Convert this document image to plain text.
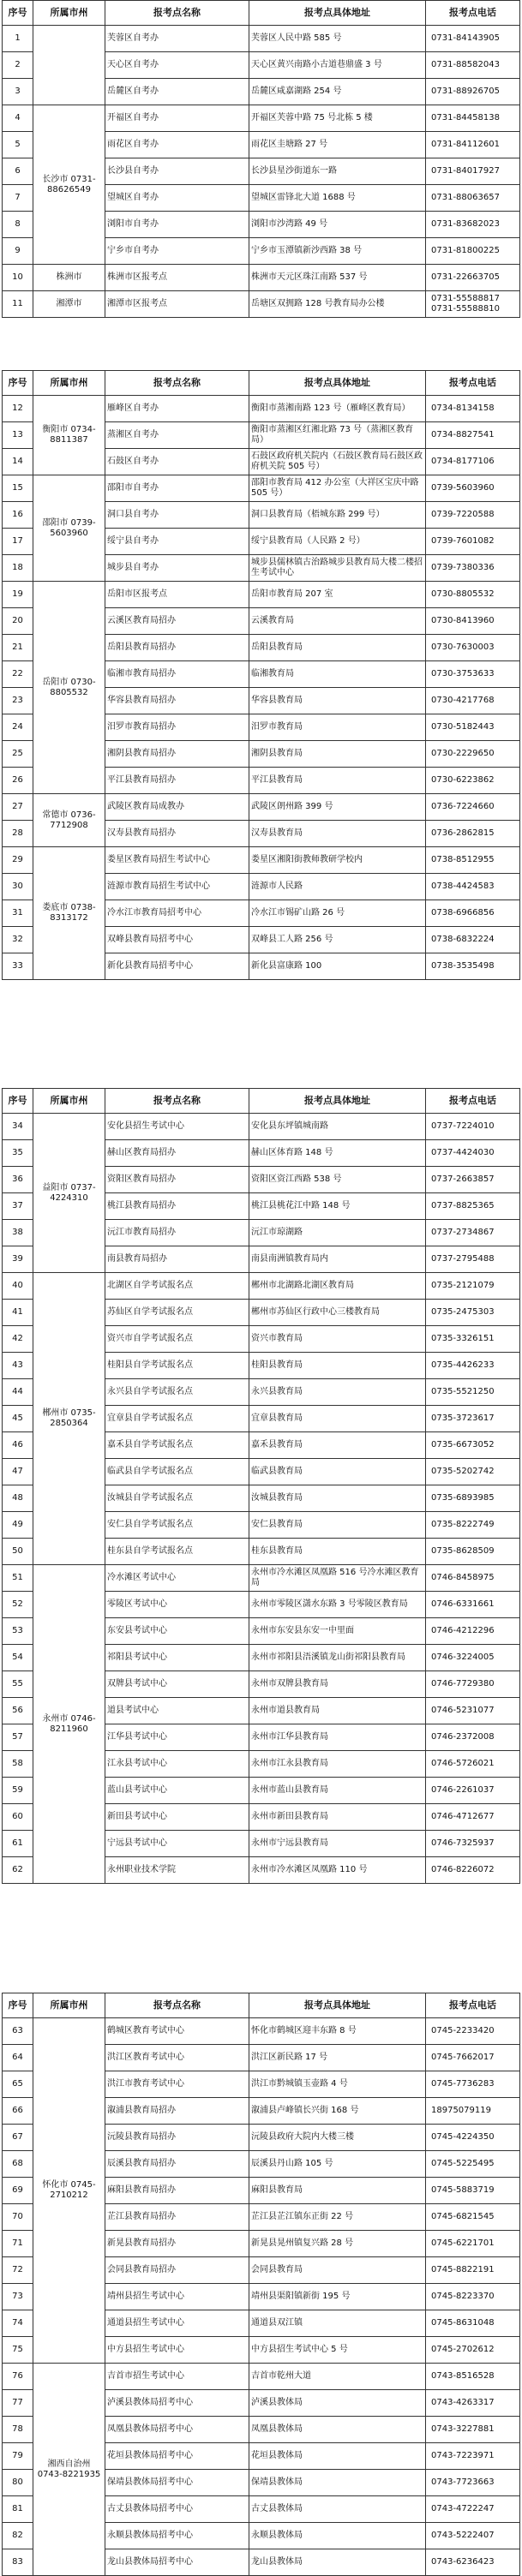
序号	所属市州	报考点名称	报考点具体地址	报考点电话
1		芙蓉区自考办	芙蓉区人民中路 585 号	0731-84143905
2		天心区自考办	天心区黄兴南路小古道巷鼎盛 3 号	0731-88582043
3		岳麓区自考办	岳麓区咸嘉湖路 254 号	0731-88926705
4	长沙市 0731-88626549	开福区自考办	开福区芙蓉中路 75 号北栋 5 楼	0731-84458138
5		雨花区自考办	雨花区圭塘路 27 号	0731-84112601
6		长沙县自考办	长沙县星沙街道东一路	0731-84017927
7		望城区自考办	望城区雷锋北大道 1688 号	0731-88063657
8		浏阳市自考办	浏阳市沙湾路 49 号	0731-83682023
9		宁乡市自考办	宁乡市玉潭镇新沙西路 38 号	0731-81800225
10	株洲市	株洲市区报考点	株洲市天元区珠江南路 537 号	0731-22663705
11	湘潭市	湘潭市区报考点	岳塘区双拥路 128 号教育局办公楼	0731-55588817 0731-55588810
序号	所属市州	报考点名称	报考点具体地址	报考点电话
12	衡阳市 0734-8811387	雁峰区自考办	衡阳市蒸湘南路 123 号（雁峰区教育局）	0734-8134158
13		蒸湘区自考办	衡阳市蒸湘区红湘北路 73 号（蒸湘区教育局）	0734-8827541
14		石鼓区自考办	石鼓区政府机关院内（石鼓区教育局石鼓区政府机关院 505 号）	0734-8177106
15	邵阳市 0739-5603960	邵阳市自考办	邵阳市教育局 412 办公室（大祥区宝庆中路 505 号）	0739-5603960
16		洞口县自考办	洞口县教育局（梧城东路 299 号）	0739-7220588
17		绥宁县自考办	绥宁县教育局（人民路 2 号）	0739-7601082
18		城步县自考办	城步县儒林镇古治路城步县教育局大楼二楼招生考试中心	0739-7380336
19	岳阳市 0730-8805532	岳阳市区报考点	岳阳市教育局 207 室	0730-8805532
20		云溪区教育局招办	云溪教育局	0730-8413960
21		岳阳县教育局招办	岳阳县教育局	0730-7630003
22		临湘市教育局招办	临湘教育局	0730-3753633
23		华容县教育局招办	华容县教育局	0730-4217768
24		汨罗市教育局招办	汨罗市教育局	0730-5182443
25		湘阴县教育局招办	湘阴县教育局	0730-2229650
26		平江县教育局招办	平江县教育局	0730-6223862
27	常德市 0736-7712908	武陵区教育局成教办	武陵区朗州路 399 号	0736-7224660
28		汉寿县教育局招办	汉寿县教育局	0736-2862815
29	娄底市 0738-8313172	娄星区教育局招生考试中心	娄星区湘阳街教师教研学校内	0738-8512955
30		涟源市教育局招生考试中心	涟源市人民路	0738-4424583
31		冷水江市教育局招考中心	冷水江市锡矿山路 26 号	0738-6966856
32		双峰县教育局招考中心	双峰县工人路 256 号	0738-6832224
33		新化县教育局招考中心	新化县富康路 100	0738-3535498
序号	所属市州	报考点名称	报考点具体地址	报考点电话
34	益阳市 0737-4224310	安化县招生考试中心	安化县东坪镇城南路	0737-7224010
35		赫山区教育局招办	赫山区体育路 148 号	0737-4424030
36		资阳区教育局招办	资阳区资江西路 538 号	0737-2663857
37		桃江县教育局招办	桃江县桃花江中路 148 号	0737-8825365
38		沅江市教育局招办	沅江市琼湖路	0737-2734867
39		南县教育局招办	南县南洲镇教育局内	0737-2795488
40	郴州市 0735-2850364	北湖区自学考试报名点	郴州市北湖路北湖区教育局	0735-2121079
41		苏仙区自学考试报名点	郴州市苏仙区行政中心三楼教育局	0735-2475303
42		资兴市自学考试报名点	资兴市教育局	0735-3326151
43		桂阳县自学考试报名点	桂阳县教育局	0735-4426233
44		永兴县自学考试报名点	永兴县教育局	0735-5521250
45		宜章县自学考试报名点	宜章县教育局	0735-3723617
46		嘉禾县自学考试报名点	嘉禾县教育局	0735-6673052
47		临武县自学考试报名点	临武县教育局	0735-5202742
48		汝城县自学考试报名点	汝城县教育局	0735-6893985
49		安仁县自学考试报名点	安仁县教育局	0735-8222749
50		桂东县自学考试报名点	桂东县教育局	0735-8628509
51	永州市 0746-8211960	冷水滩区考试中心	永州市冷水滩区凤凰路 516 号冷水滩区教育局	0746-8458975
52		零陵区考试中心	永州市零陵区潇水东路 3 号零陵区教育局	0746-6331661
53		东安县考试中心	永州市东安县东安一中里面	0746-4212296
54		祁阳县考试中心	永州市祁阳县浯溪镇龙山街祁阳县教育局	0746-3224005
55		双牌县考试中心	永州市双牌县教育局	0746-7729380
56		道县考试中心	永州市道县教育局	0746-5231077
57		江华县考试中心	永州市江华县教育局	0746-2372008
58		江永县考试中心	永州市江永县教育局	0746-5726021
59		蓝山县考试中心	永州市蓝山县教育局	0746-2261037
60		新田县考试中心	永州市新田县教育局	0746-4712677
61		宁远县考试中心	永州市宁远县教育局	0746-7325937
62		永州职业技术学院	永州市冷水滩区凤凰路 110 号	0746-8226072
序号	所属市州	报考点名称	报考点具体地址	报考点电话
63	怀化市 0745-2710212	鹤城区教育考试中心	怀化市鹤城区迎丰东路 8 号	0745-2233420
64		洪江区教育考试中心	洪江区新民路 17 号	0745-7662017
65		洪江市教育考试中心	洪江市黔城镇玉壶路 4 号	0745-7736283
66		溆浦县教育局招办	溆浦县卢峰镇长兴街 168 号	18975079119
67		沅陵县教育局招办	沅陵县政府大院内大楼三楼	0745-4224350
68		辰溪县教育局招办	辰溪县丹山路 105 号	0745-5225495
69		麻阳县教育局招办	麻阳县教育局	0745-5883719
70		芷江县教育局招办	芷江县芷江镇东正街 22 号	0745-6821545
71		新晃县教育局招办	新晃县晃州镇复兴路 28 号	0745-6221701
72		会同县教育局招办	会同县教育局	0745-8822191
73		靖州县招生考试中心	靖州县渠阳镇新街 195 号	0745-8223370
74		通道县招生考试中心	通道县双江镇	0745-8631048
75		中方县招生考试中心	中方县招生考试中心 5 号	0745-2702612
76	湘西自治州 0743-8221935	吉首市招生考试中心	吉首市乾州大道	0743-8516528
77		泸溪县教体局招考中心	泸溪县教体局	0743-4263317
78		凤凰县教体局招考中心	凤凰县教体局	0743-3227881
79		花垣县教体局招考中心	花垣县教体局	0743-7223971
80		保靖县教体局招考中心	保靖县教体局	0743-7723663
81		古丈县教体局招考中心	古丈县教体局	0743-4722247
82		永顺县教体局招考中心	永顺县教体局	0743-5222407
83		龙山县教体局招考中心	龙山县教体局	0743-6236423
